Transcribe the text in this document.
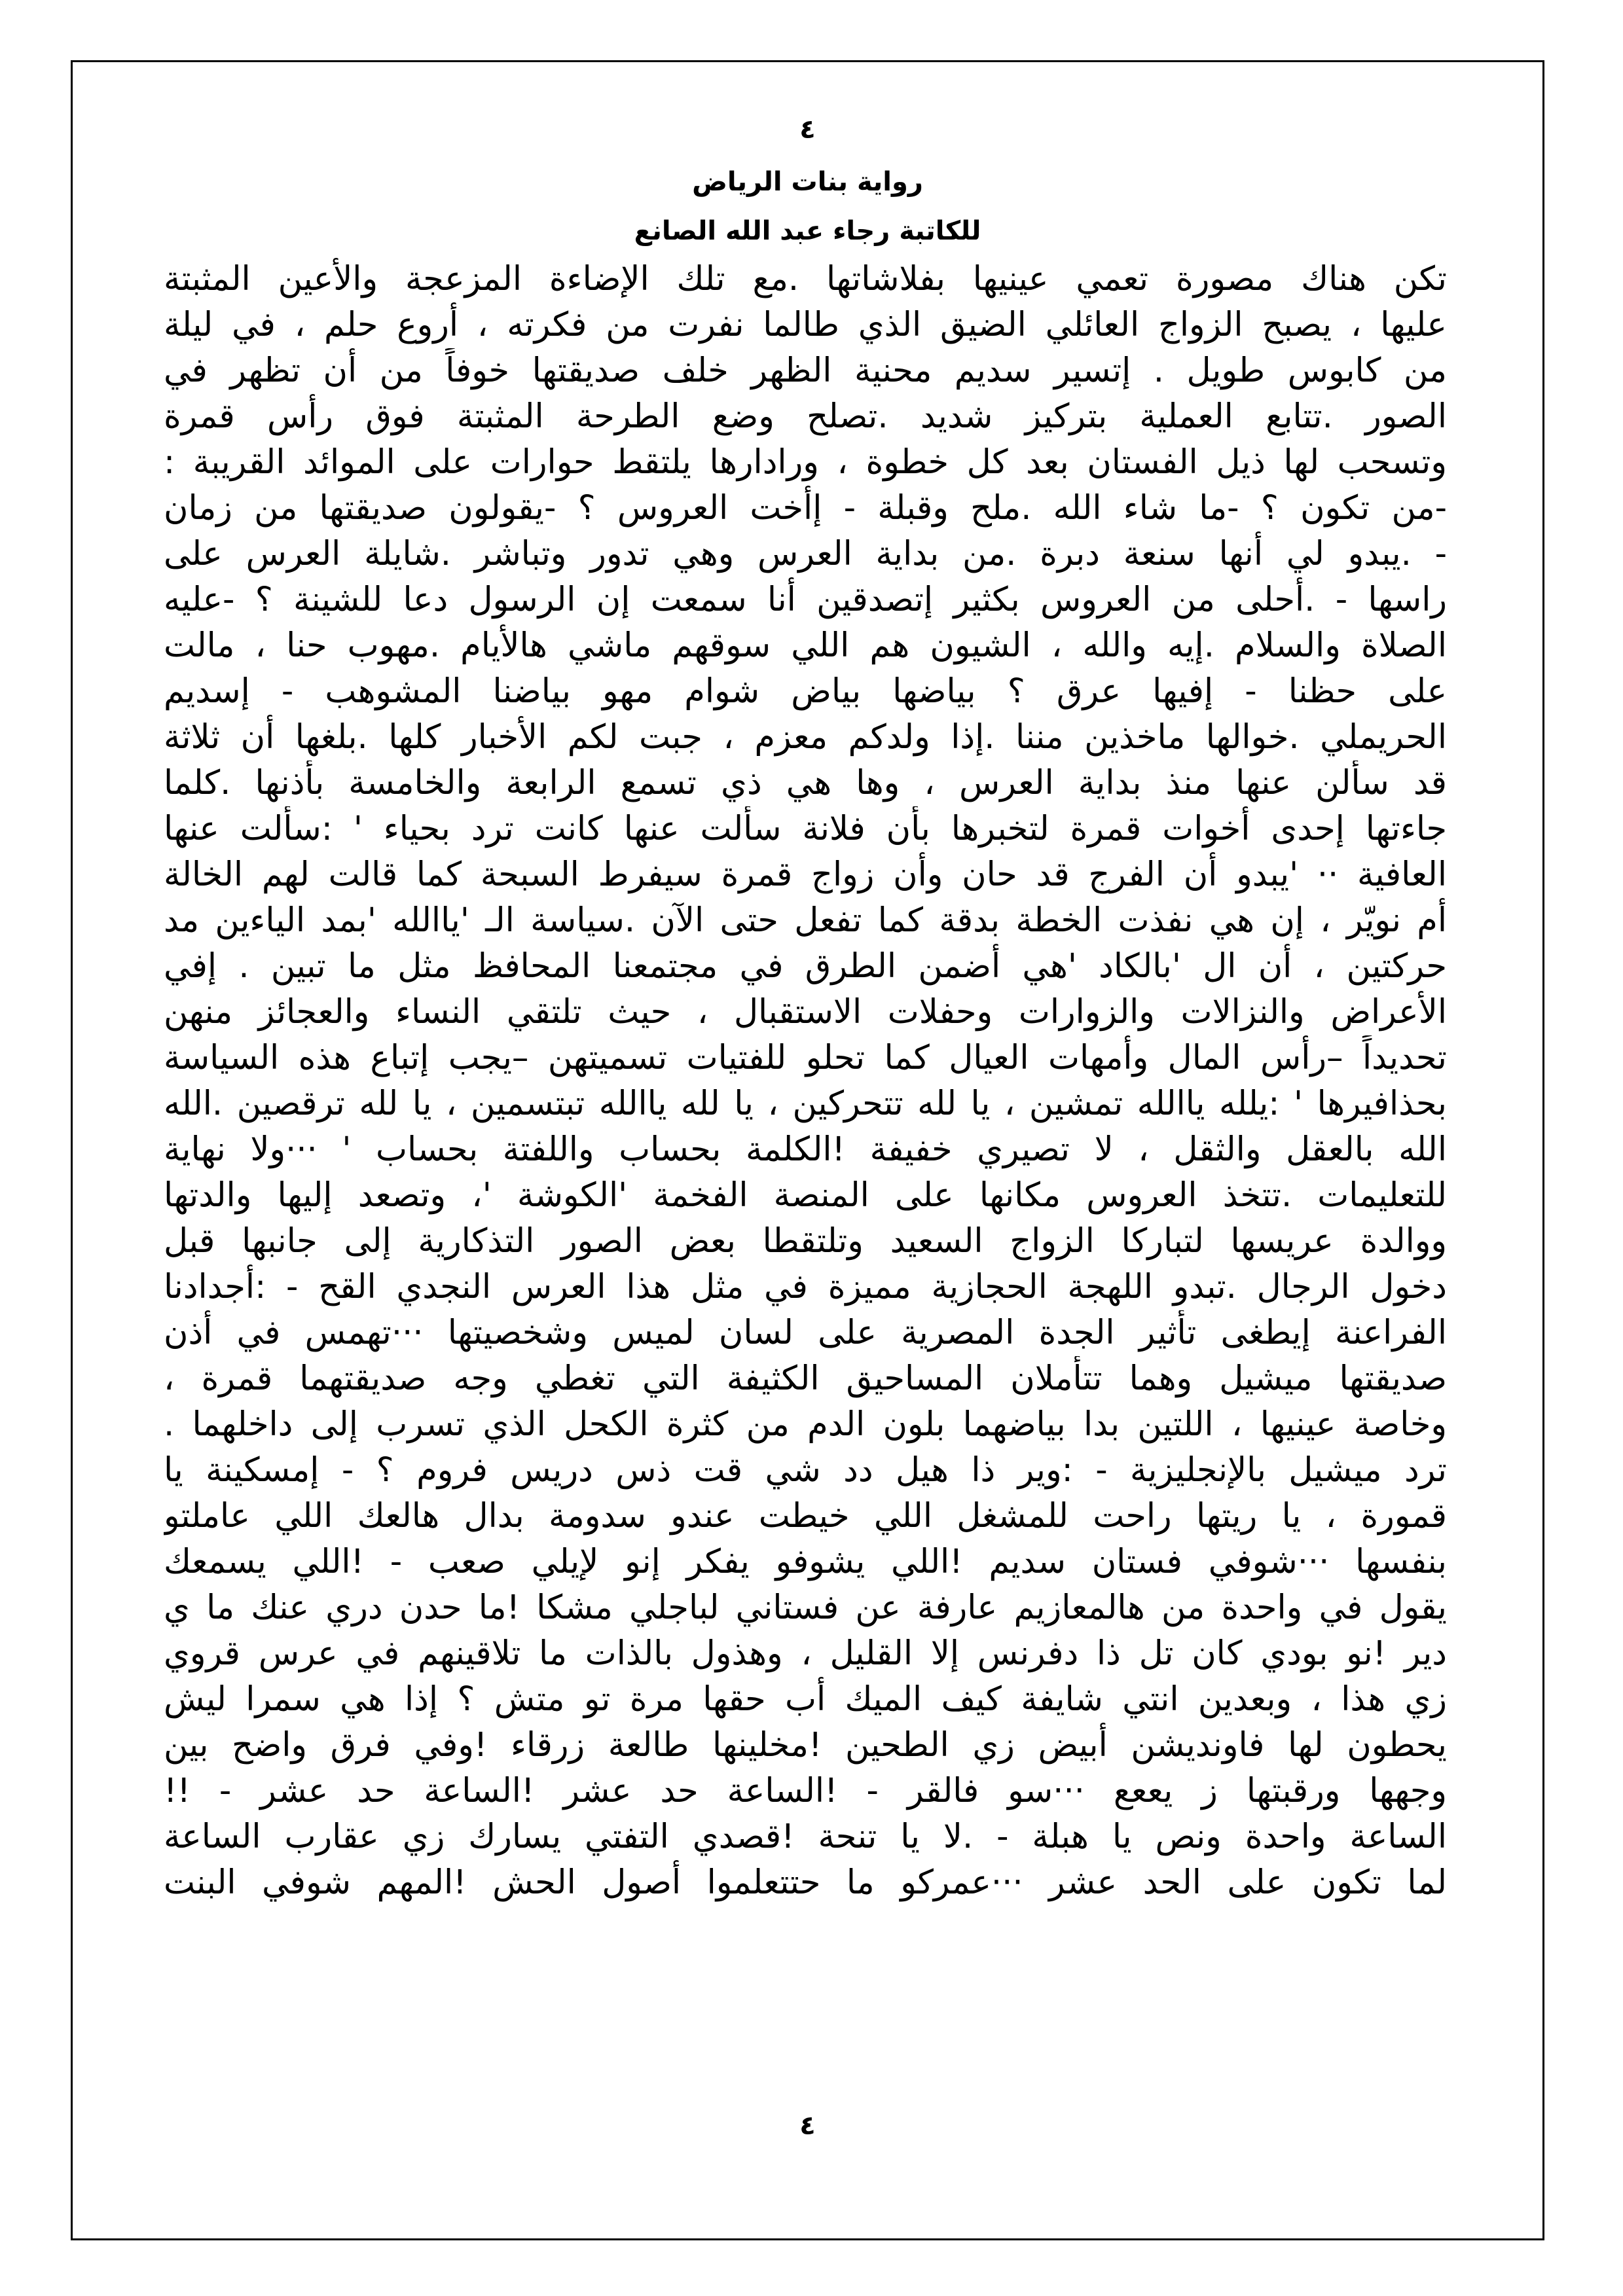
٤
رواية بنات الرياض
للكاتبة رجاء عبد الله الصانع
تكن هناك مصورة تعمي عينيها بفلاشاتها .مع تلك الإضاءة المزعجة والأعين المثبتة
عليها ، يصبح الزواج العائلي الضيق الذي طالما نفرت من فكرته ، أروع حلم ، في ليلة
من كابوس طويل . إتسير سديم محنية الظهر خلف صديقتها خوفاً من أن تظهر في
الصور .تتابع العملية بتركيز شديد .تصلح وضع الطرحة المثبتة فوق رأس قمرة
وتسحب لها ذيل الفستان بعد كل خطوة ، ورادارها يلتقط حوارات على الموائد القريبة :
-من تكون ؟ -ما شاء الله .ملح وقبلة - إأخت العروس ؟ -يقولون صديقتها من زمان
- .يبدو لي أنها سنعة دبرة .من بداية العرس وهي تدور وتباشر .شايلة العرس على
راسها - .أحلى من العروس بكثير إتصدقين أنا سمعت إن الرسول دعا للشينة ؟ -عليه
الصلاة والسلام .إيه والله ، الشيون هم اللي سوقهم ماشي هالأيام .مهوب حنا ، مالت
على حظنا - إفيها عرق ؟ بياضها بياض شوام مهو بياضنا المشوهب - إسديم
الحريملي .خوالها ماخذين مننا .إذا ولدكم معزم ، جبت لكم الأخبار كلها .بلغها أن ثلاثة
قد سألن عنها منذ بداية العرس ، وها هي ذي تسمع الرابعة والخامسة بأذنها .كلما
جاءتها إحدى أخوات قمرة لتخبرها بأن فلانة سألت عنها كانت ترد بحياء ' :سألت عنها
العافية ·· 'يبدو أن الفرج قد حان وأن زواج قمرة سيفرط السبحة كما قالت لهم الخالة
أم نويّر ، إن هي نفذت الخطة بدقة كما تفعل حتى الآن .سياسة الـ 'ياالله 'بمد الياءين مد
حركتين ، أن ال 'بالكاد 'هي أضمن الطرق في مجتمعنا المحافظ مثل ما تبين . إفي
الأعراض والنزالات والزوارات وحفلات الاستقبال ، حيث تلتقي النساء والعجائز منهن
تحديداً –رأس المال وأمهات العيال كما تحلو للفتيات تسميتهن –يجب إتباع هذه السياسة
بحذافيرها ' :يلله ياالله تمشين ، يا لله تتحركين ، يا لله ياالله تبتسمين ، يا لله ترقصين .الله
الله بالعقل والثقل ، لا تصيري خفيفة !الكلمة بحساب واللفتة بحساب ' ···ولا نهاية
للتعليمات .تتخذ العروس مكانها على المنصة الفخمة 'الكوشة '، وتصعد إليها والدتها
ووالدة عريسها لتباركا الزواج السعيد وتلتقطا بعض الصور التذكارية إلى جانبها قبل
دخول الرجال .تبدو اللهجة الحجازية مميزة في مثل هذا العرس النجدي القح - :أجدادنا
الفراعنة إيطغى تأثير الجدة المصرية على لسان لميس وشخصيتها ···تهمس في أذن
صديقتها ميشيل وهما تتأملان المساحيق الكثيفة التي تغطي وجه صديقتهما قمرة ،
وخاصة عينيها ، اللتين بدا بياضهما بلون الدم من كثرة الكحل الذي تسرب إلى داخلهما .
ترد ميشيل بالإنجليزية - :وير ذا هيل دد شي قت ذس دريس فروم ؟ - إمسكينة يا
قمورة ، يا ريتها راحت للمشغل اللي خيطت عندو سدومة بدال هالعك اللي عاملتو
بنفسها ···شوفي فستان سديم !اللي يشوفو يفكر إنو لإيلي صعب - !اللي يسمعك
يقول في واحدة من هالمعازيم عارفة عن فستاني لباجلي مشكا !ما حدن دري عنك ما ي
دير !نو بودي كان تل ذا دفرنس إلا القليل ، وهذول بالذات ما تلاقينهم في عرس قروي
زي هذا ، وبعدين انتي شايفة كيف الميك أب حقها مرة تو متش ؟ إذا هي سمرا ليش
يحطون لها فاونديشن أبيض زي الطحين !مخلينها طالعة زرقاء !وفي فرق واضح بين
وجهها ورقبتها ز يععع ···سو فالقر - !الساعة حد عشر !الساعة حد عشر - !!
الساعة واحدة ونص يا هبلة - .لا يا تنحة !قصدي التفتي يسارك زي عقارب الساعة
لما تكون على الحد عشر ···عمركو ما حتتعلموا أصول الحش !المهم شوفي البنت
٤
